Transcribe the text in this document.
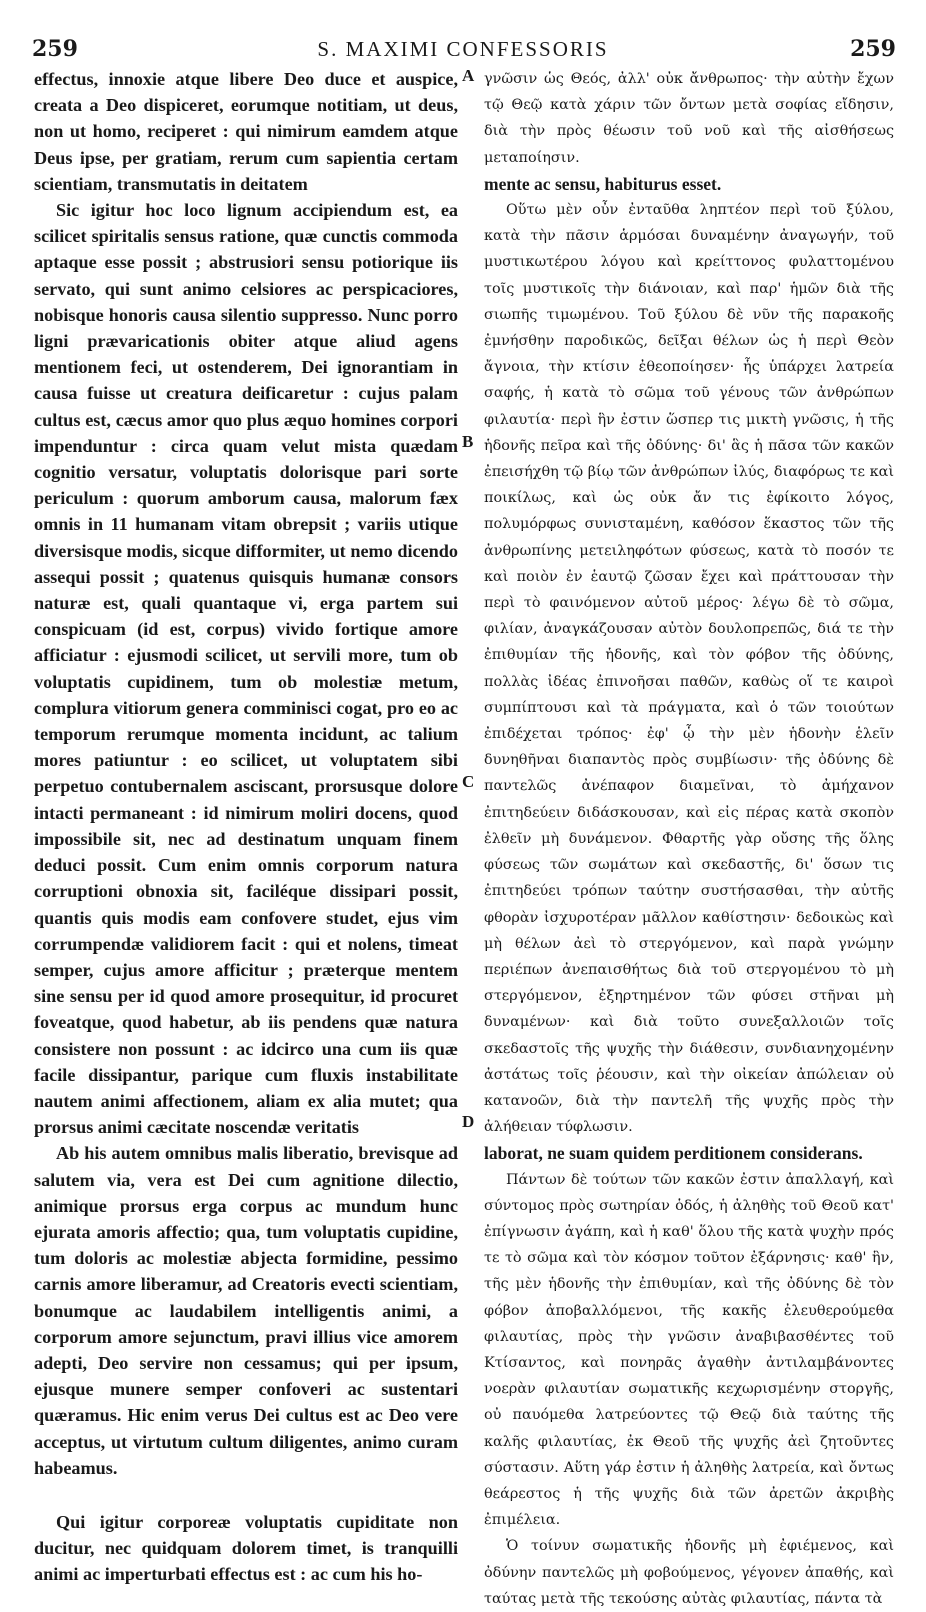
259	S. MAXIMI CONFESSORIS	259
A
B
C
D

effectus, innoxie atque libere Deo duce et auspice, creata a Deo dispiceret, eorumque notitiam, ut deus, non ut homo, reciperet : qui nimirum eamdem atque Deus ipse, per gratiam, rerum cum sapientia certam scientiam, transmutatis in deitatem

Sic igitur hoc loco lignum accipiendum est, ea scilicet spiritalis sensus ratione, quæ cunctis commoda aptaque esse possit ; abstrusiori sensu potiorique iis servato, qui sunt animo celsiores ac perspicaciores, nobisque honoris causa silentio suppresso. Nunc porro ligni prævaricationis obiter atque aliud agens mentionem feci, ut ostenderem, Dei ignorantiam in causa fuisse ut creatura deificaretur : cujus palam cultus est, cæcus amor quo plus æquo homines corpori impenduntur : circa quam velut mista quædam cognitio versatur, voluptatis dolorisque pari sorte periculum : quorum amborum causa, malorum fæx omnis in 11 humanam vitam obrepsit ; variis utique diversisque modis, sicque difformiter, ut nemo dicendo assequi possit ; quatenus quisquis humanæ consors naturæ est, quali quantaque vi, erga partem sui conspicuam (id est, corpus) vivido fortique amore afficiatur : ejusmodi scilicet, ut servili more, tum ob voluptatis cupidinem, tum ob molestiæ metum, complura vitiorum genera comminisci cogat, pro eo ac temporum rerumque momenta incidunt, ac talium mores patiuntur : eo scilicet, ut voluptatem sibi perpetuo contubernalem asciscant, prorsusque dolore intacti permaneant : id nimirum moliri docens, quod impossibile sit, nec ad destinatum unquam finem deduci possit. Cum enim omnis corporum natura corruptioni obnoxia sit, faciléque dissipari possit, quantis quis modis eam confovere studet, ejus vim corrumpendæ validiorem facit : qui et nolens, timeat semper, cujus amore afficitur ; præterque mentem sine sensu per id quod amore prosequitur, id procuret foveatque, quod habetur, ab iis pendens quæ natura consistere non possunt : ac idcirco una cum iis quæ facile dissipantur, parique cum fluxis instabilitate nautem animi affectionem, aliam ex alia mutet; qua prorsus animi cæcitate noscendæ veritatis

Ab his autem omnibus malis liberatio, brevisque ad salutem via, vera est Dei cum agnitione dilectio, animique prorsus erga corpus ac mundum hunc ejurata amoris affectio; qua, tum voluptatis cupidine, tum doloris ac molestiæ abjecta formidine, pessimo carnis amore liberamur, ad Creatoris evecti scientiam, bonumque ac laudabilem intelligentis animi, a corporum amore sejunctum, pravi illius vice amorem adepti, Deo servire non cessamus; qui per ipsum, ejusque munere semper confoveri ac sustentari quæramus. Hic enim verus Dei cultus est ac Deo vere acceptus, ut virtutum cultum diligentes, animo curam habeamus.

Qui igitur corporeæ voluptatis cupiditate non ducitur, nec quidquam dolorem timet, is tranquilli animi ac imperturbati effectus est : ac cum his ho-

γνῶσιν ὡς Θεός, ἀλλ' οὐκ ἄνθρωπος· τὴν αὐτὴν ἔχων τῷ Θεῷ κατὰ χάριν τῶν ὄντων μετὰ σοφίας εἴδησιν, διὰ τὴν πρὸς θέωσιν τοῦ νοῦ καὶ τῆς αἰσθήσεως μεταποίησιν.

mente ac sensu, habiturus esset.

Οὕτω μὲν οὖν ἐνταῦθα ληπτέον περὶ τοῦ ξύλου, κατὰ τὴν πᾶσιν ἁρμόσαι δυναμένην ἀναγωγήν, τοῦ μυστικωτέρου λόγου καὶ κρείττονος φυλαττομένου τοῖς μυστικοῖς τὴν διάνοιαν, καὶ παρ' ἡμῶν διὰ τῆς σιωπῆς τιμωμένου. Τοῦ ξύλου δὲ νῦν τῆς παρακοῆς ἐμνήσθην παροδικῶς, δεῖξαι θέλων ὡς ἡ περὶ Θεὸν ἄγνοια, τὴν κτίσιν ἐθεοποίησεν· ἧς ὑπάρχει λατρεία σαφής, ἡ κατὰ τὸ σῶμα τοῦ γένους τῶν ἀνθρώπων φιλαυτία· περὶ ἣν ἐστιν ὥσπερ τις μικτὴ γνῶσις, ἡ τῆς ἡδονῆς πεῖρα καὶ τῆς ὀδύνης· δι' ἃς ἡ πᾶσα τῶν κακῶν ἐπεισήχθη τῷ βίῳ τῶν ἀνθρώπων ἰλύς, διαφόρως τε καὶ ποικίλως, καὶ ὡς οὐκ ἄν τις ἐφίκοιτο λόγος, πολυμόρφως συνισταμένη, καθόσον ἕκαστος τῶν τῆς ἀνθρωπίνης μετειληφότων φύσεως, κατὰ τὸ ποσόν τε καὶ ποιὸν ἐν ἑαυτῷ ζῶσαν ἔχει καὶ πράττουσαν τὴν περὶ τὸ φαινόμενον αὐτοῦ μέρος· λέγω δὲ τὸ σῶμα, φιλίαν, ἀναγκάζουσαν αὐτὸν δουλοπρεπῶς, διά τε τὴν ἐπιθυμίαν τῆς ἡδονῆς, καὶ τὸν φόβον τῆς ὀδύνης, πολλὰς ἰδέας ἐπινοῆσαι παθῶν, καθὼς οἵ τε καιροὶ συμπίπτουσι καὶ τὰ πράγματα, καὶ ὁ τῶν τοιούτων ἐπιδέχεται τρόπος· ἐφ' ᾧ τὴν μὲν ἡδονὴν ἑλεῖν δυνηθῆναι διαπαντὸς πρὸς συμβίωσιν· τῆς ὀδύνης δὲ παντελῶς ἀνέπαφον διαμεῖναι, τὸ ἀμήχανον ἐπιτηδεύειν διδάσκουσαν, καὶ εἰς πέρας κατὰ σκοπὸν ἐλθεῖν μὴ δυνάμενον. Φθαρτῆς γὰρ οὔσης τῆς ὅλης φύσεως τῶν σωμάτων καὶ σκεδαστῆς, δι' ὅσων τις ἐπιτηδεύει τρόπων ταύτην συστήσασθαι, τὴν αὐτῆς φθορὰν ἰσχυροτέραν μᾶλλον καθίστησιν· δεδοικὼς καὶ μὴ θέλων ἀεὶ τὸ στεργόμενον, καὶ παρὰ γνώμην περιέπων ἀνεπαισθήτως διὰ τοῦ στεργομένου τὸ μὴ στεργόμενον, ἐξηρτημένον τῶν φύσει στῆναι μὴ δυναμένων· καὶ διὰ τοῦτο συνεξαλλοιῶν τοῖς σκεδαστοῖς τῆς ψυχῆς τὴν διάθεσιν, συνδιανηχομένην ἀστάτως τοῖς ῥέουσιν, καὶ τὴν οἰκείαν ἀπώλειαν οὐ κατανοῶν, διὰ τὴν παντελῆ τῆς ψυχῆς πρὸς τὴν ἀλήθειαν τύφλωσιν.

laborat, ne suam quidem perditionem considerans.

Πάντων δὲ τούτων τῶν κακῶν ἐστιν ἀπαλλαγή, καὶ σύντομος πρὸς σωτηρίαν ὁδός, ἡ ἀληθὴς τοῦ Θεοῦ κατ' ἐπίγνωσιν ἀγάπη, καὶ ἡ καθ' ὅλου τῆς κατὰ ψυχὴν πρός τε τὸ σῶμα καὶ τὸν κόσμον τοῦτον ἐξάρνησις· καθ' ἣν, τῆς μὲν ἡδονῆς τὴν ἐπιθυμίαν, καὶ τῆς ὀδύνης δὲ τὸν φόβον ἀποβαλλόμενοι, τῆς κακῆς ἐλευθερούμεθα φιλαυτίας, πρὸς τὴν γνῶσιν ἀναβιβασθέντες τοῦ Κτίσαντος, καὶ πονηρᾶς ἀγαθὴν ἀντιλαμβάνοντες νοερὰν φιλαυτίαν σωματικῆς κεχωρισμένην στοργῆς, οὐ παυόμεθα λατρεύοντες τῷ Θεῷ διὰ ταύτης τῆς καλῆς φιλαυτίας, ἐκ Θεοῦ τῆς ψυχῆς ἀεὶ ζητοῦντες σύστασιν. Αὕτη γάρ ἐστιν ἡ ἀληθὴς λατρεία, καὶ ὄντως θεάρεστος ἡ τῆς ψυχῆς διὰ τῶν ἀρετῶν ἀκριβὴς ἐπιμέλεια.

Ὁ τοίνυν σωματικῆς ἡδονῆς μὴ ἐφιέμενος, καὶ ὀδύνην παντελῶς μὴ φοβούμενος, γέγονεν ἀπαθής, καὶ ταύτας μετὰ τῆς τεκούσης αὐτὰς φιλαυτίας, πάντα τὰ
